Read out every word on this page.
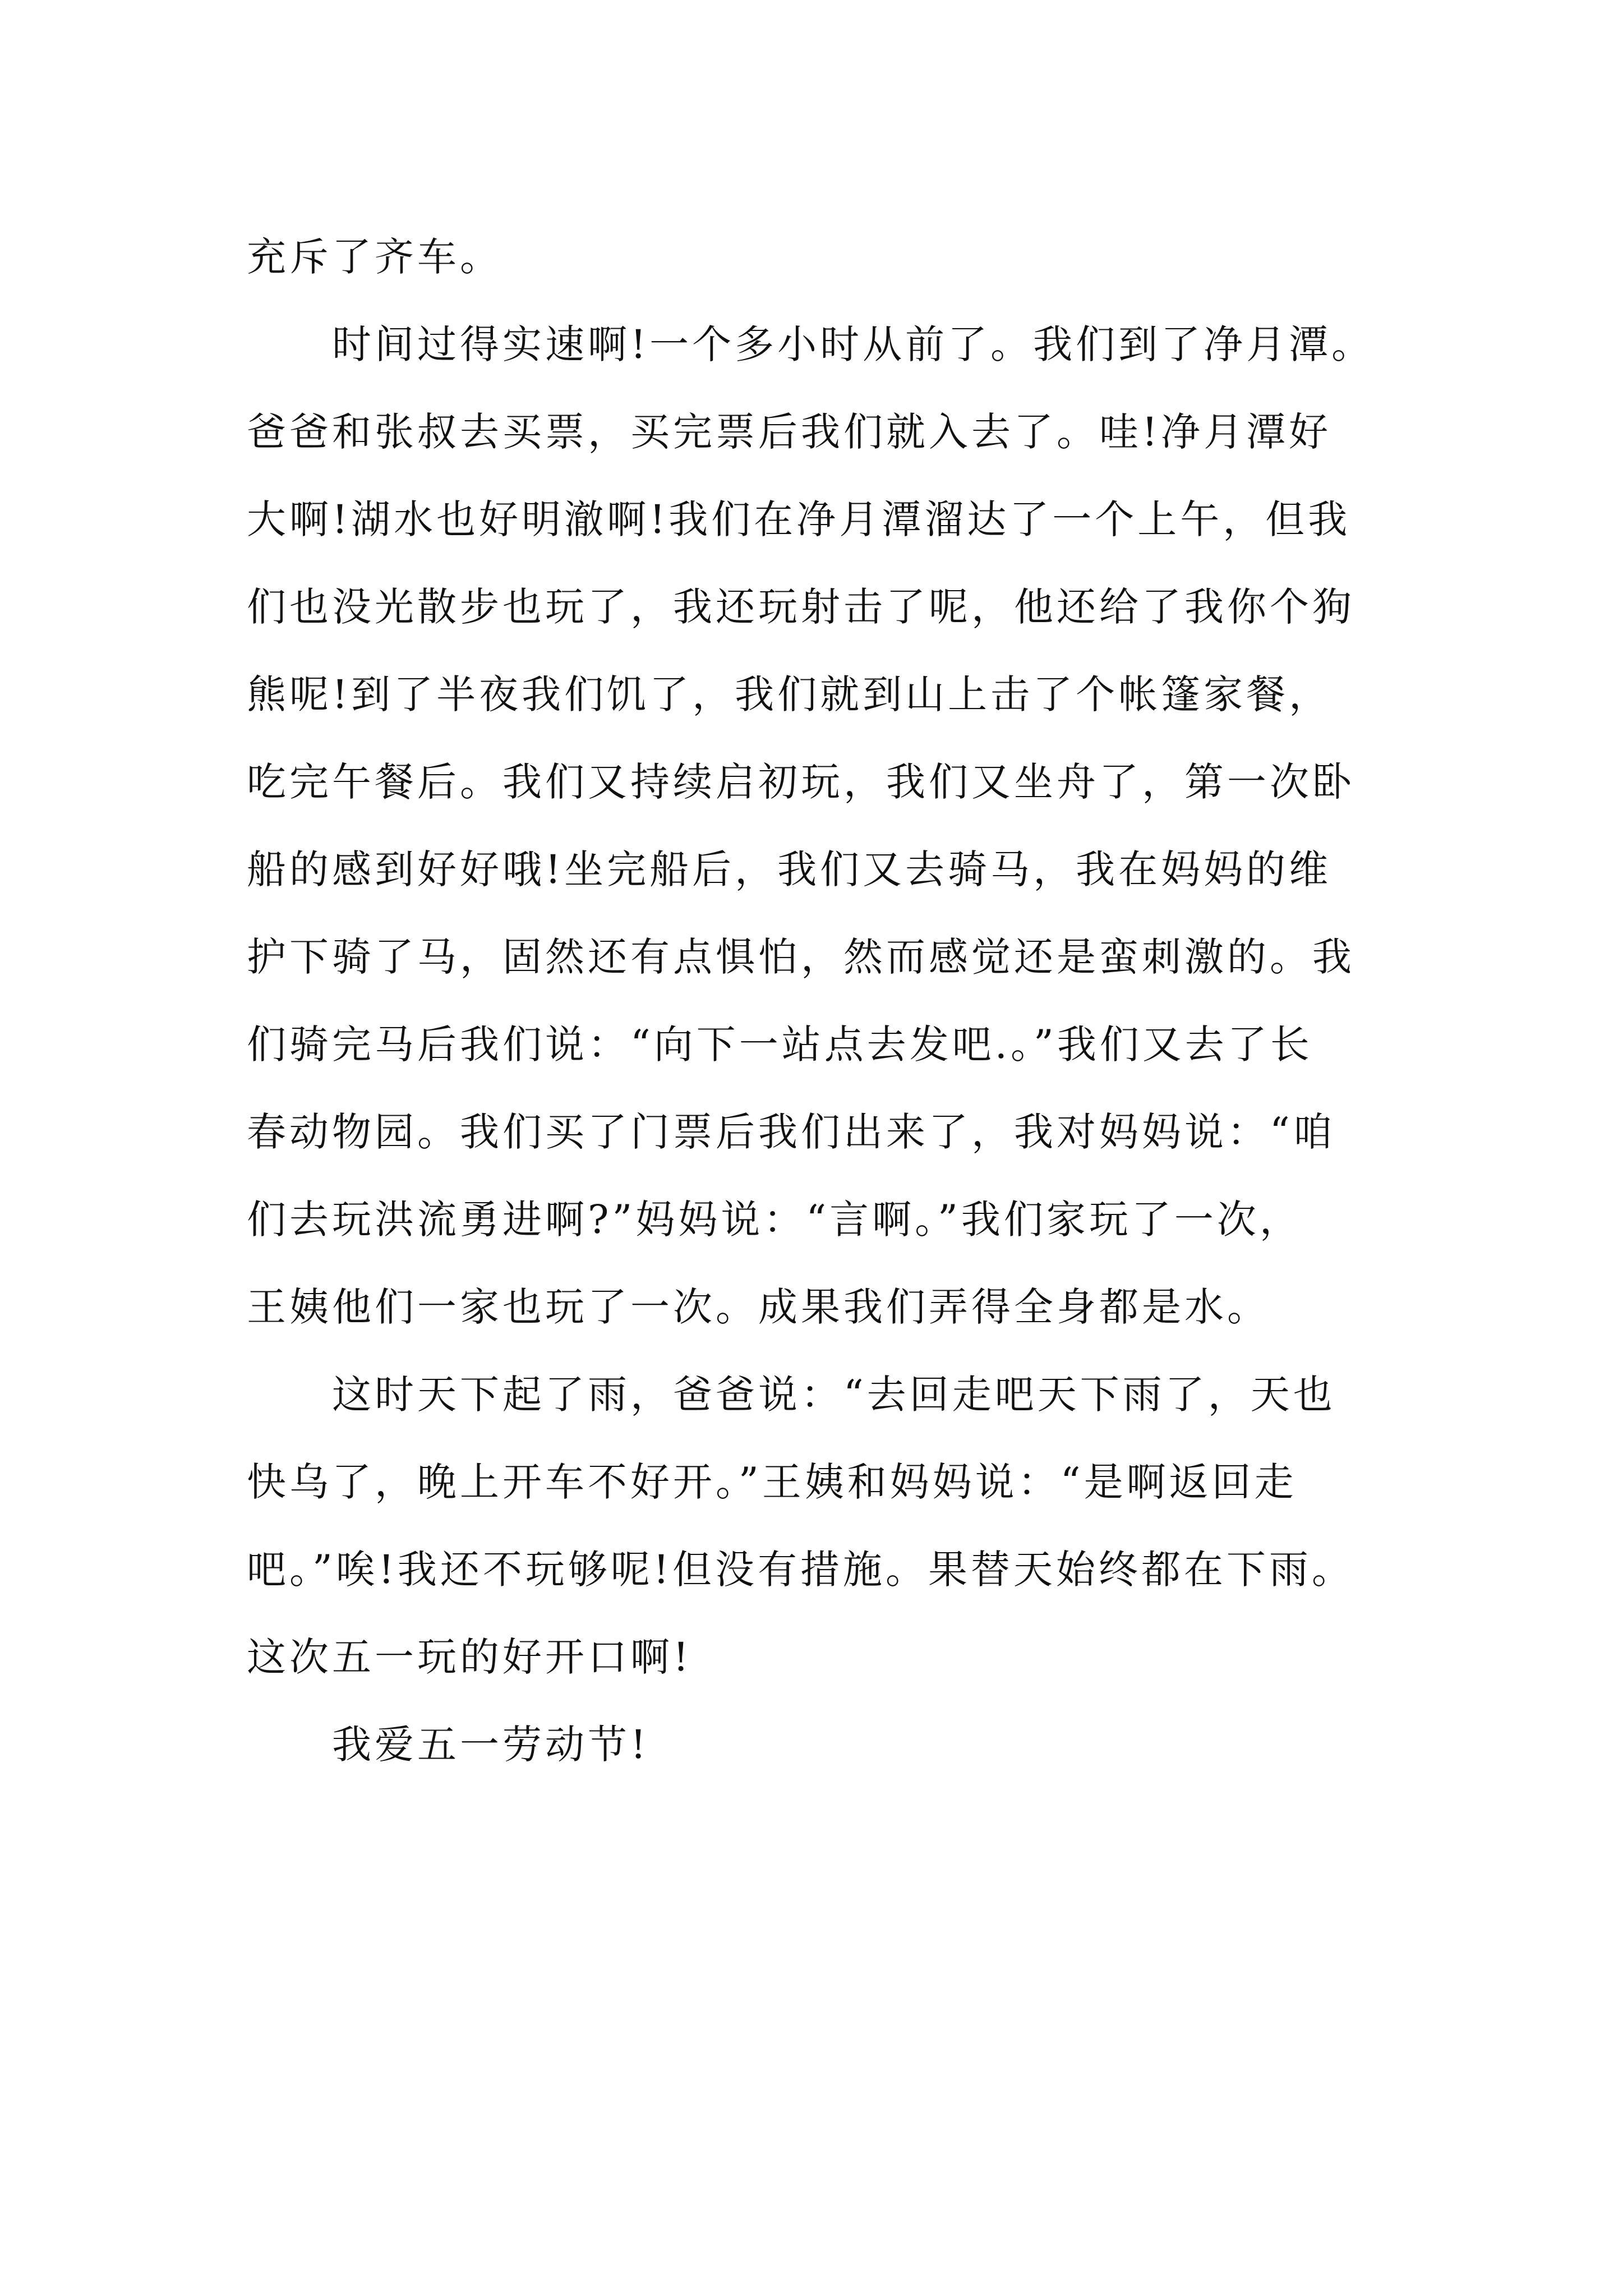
充斥了齐车。

时间过得实速啊!一个多小时从前了。我们到了净月潭。
爸爸和张叔去买票，买完票后我们就入去了。哇!净月潭好
大啊!湖水也好明澈啊!我们在净月潭溜达了一个上午，但我
们也没光散步也玩了，我还玩射击了呢，他还给了我你个狗
熊呢!到了半夜我们饥了，我们就到山上击了个帐篷家餐，
吃完午餐后。我们又持续启初玩，我们又坐舟了，第一次卧
船的感到好好哦!坐完船后，我们又去骑马，我在妈妈的维
护下骑了马，固然还有点惧怕，然而感觉还是蛮刺激的。我
们骑完马后我们说：“向下一站点去发吧.。”我们又去了长
春动物园。我们买了门票后我们出来了，我对妈妈说：“咱
们去玩洪流勇进啊?”妈妈说：“言啊。”我们家玩了一次，
王姨他们一家也玩了一次。成果我们弄得全身都是水。

这时天下起了雨，爸爸说：“去回走吧天下雨了，天也
快乌了，晚上开车不好开。”王姨和妈妈说：“是啊返回走
吧。”唉!我还不玩够呢!但没有措施。果替天始终都在下雨。
这次五一玩的好开口啊!

我爱五一劳动节!
